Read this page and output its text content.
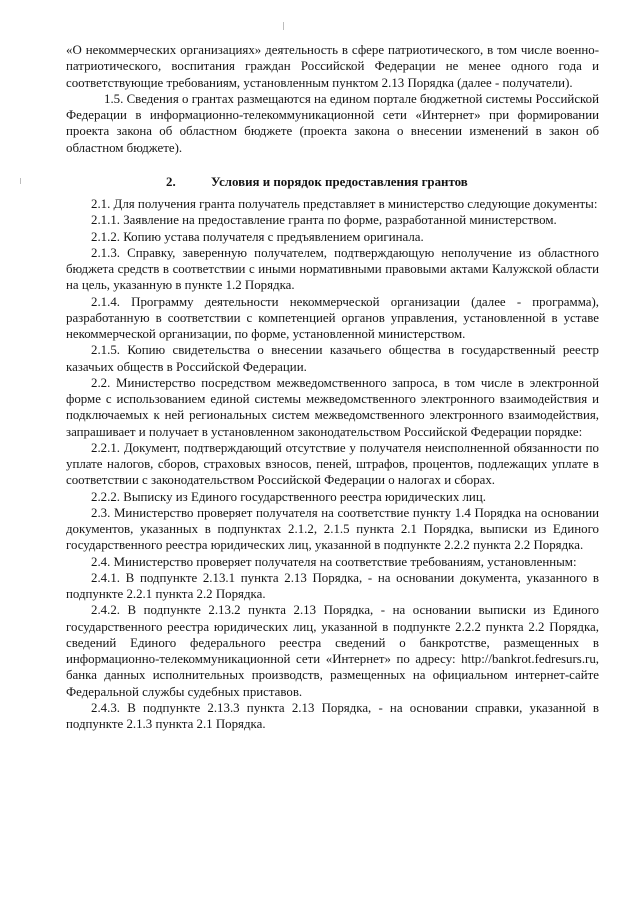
«О некоммерческих организациях» деятельность в сфере патриотического, в том числе военно-патриотического, воспитания граждан Российской Федерации не менее одного года и соответствующие требованиям, установленным пунктом 2.13 Порядка (далее - получатели).

1.5. Сведения о грантах размещаются на едином портале бюджетной системы Российской Федерации в информационно-телекоммуникационной сети «Интернет» при формировании проекта закона об областном бюджете (проекта закона о внесении изменений в закон об областном бюджете).

2.	Условия и порядок предоставления грантов

2.1. Для получения гранта получатель представляет в министерство следующие документы:

2.1.1. Заявление на предоставление гранта по форме, разработанной министерством.

2.1.2. Копию устава получателя с предъявлением оригинала.

2.1.3. Справку, заверенную получателем, подтверждающую неполучение из областного бюджета средств в соответствии с иными нормативными правовыми актами Калужской области на цель, указанную в пункте 1.2 Порядка.

2.1.4. Программу деятельности некоммерческой организации (далее - программа), разработанную в соответствии с компетенцией органов управления, установленной в уставе некоммерческой организации, по форме, установленной министерством.

2.1.5. Копию свидетельства о внесении казачьего общества в государственный реестр казачьих обществ в Российской Федерации.

2.2. Министерство посредством межведомственного запроса, в том числе в электронной форме с использованием единой системы межведомственного электронного взаимодействия и подключаемых к ней региональных систем межведомственного электронного взаимодействия, запрашивает и получает в установленном законодательством Российской Федерации порядке:

2.2.1. Документ, подтверждающий отсутствие у получателя неисполненной обязанности по уплате налогов, сборов, страховых взносов, пеней, штрафов, процентов, подлежащих уплате в соответствии с законодательством Российской Федерации о налогах и сборах.

2.2.2. Выписку из Единого государственного реестра юридических лиц.

2.3. Министерство проверяет получателя на соответствие пункту 1.4 Порядка на основании документов, указанных в подпунктах 2.1.2, 2.1.5 пункта 2.1 Порядка, выписки из Единого государственного реестра юридических лиц, указанной в подпункте 2.2.2 пункта 2.2 Порядка.

2.4. Министерство проверяет получателя на соответствие требованиям, установленным:

2.4.1. В подпункте 2.13.1 пункта 2.13 Порядка, - на основании документа, указанного в подпункте 2.2.1 пункта 2.2 Порядка.

2.4.2. В подпункте 2.13.2 пункта 2.13 Порядка, - на основании выписки из Единого государственного реестра юридических лиц, указанной в подпункте 2.2.2 пункта 2.2 Порядка, сведений Единого федерального реестра сведений о банкротстве, размещенных в информационно-телекоммуникационной сети «Интернет» по адресу: http://bankrot.fedresurs.ru, банка данных исполнительных производств, размещенных на официальном интернет-сайте Федеральной службы судебных приставов.

2.4.3. В подпункте 2.13.3 пункта 2.13 Порядка, - на основании справки, указанной в подпункте 2.1.3 пункта 2.1 Порядка.
